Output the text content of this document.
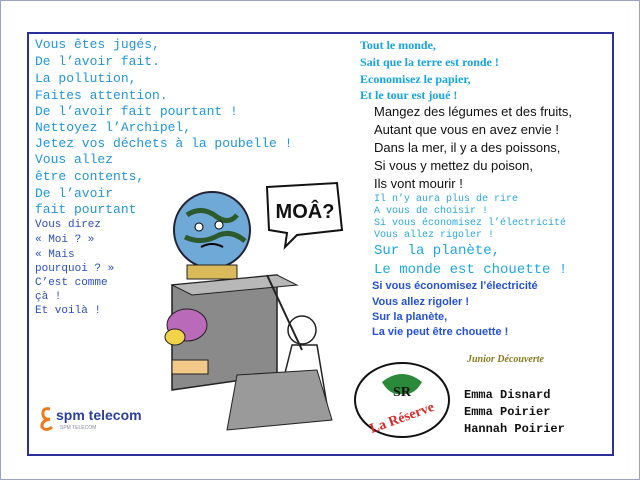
Vous êtes jugés,
De l’avoir fait.
La pollution,
Faites attention.
De l’avoir fait pourtant !
Nettoyez l’Archipel,
Jetez vos déchets à la poubelle !
Vous allez
être contents,
De l’avoir
fait pourtant
Vous direz
« Moi ? »
« Mais
pourquoi ? »
C’est comme
çà !
Et voilà !
Tout le monde,
Sait que la terre est ronde !
Economisez le papier,
Et le tour est joué !
Mangez des légumes et des fruits,
Autant que vous en avez envie !
Dans la mer, il y a des poissons,
Si vous y mettez du poison,
Ils vont mourir !
Il n’y aura plus de rire
A vous de choisir !
Si vous économisez l’électricité
Vous allez rigoler !
Sur la planète,
Le monde est chouette !
Si vous économisez l’électricité
Vous allez rigoler !
Sur la planète,
La vie peut être chouette !
MOÂ?
spm telecom
SPM TELECOM
SR
La Réserve
Junior Découverte
Emma Disnard
Emma Poirier
Hannah Poirier
